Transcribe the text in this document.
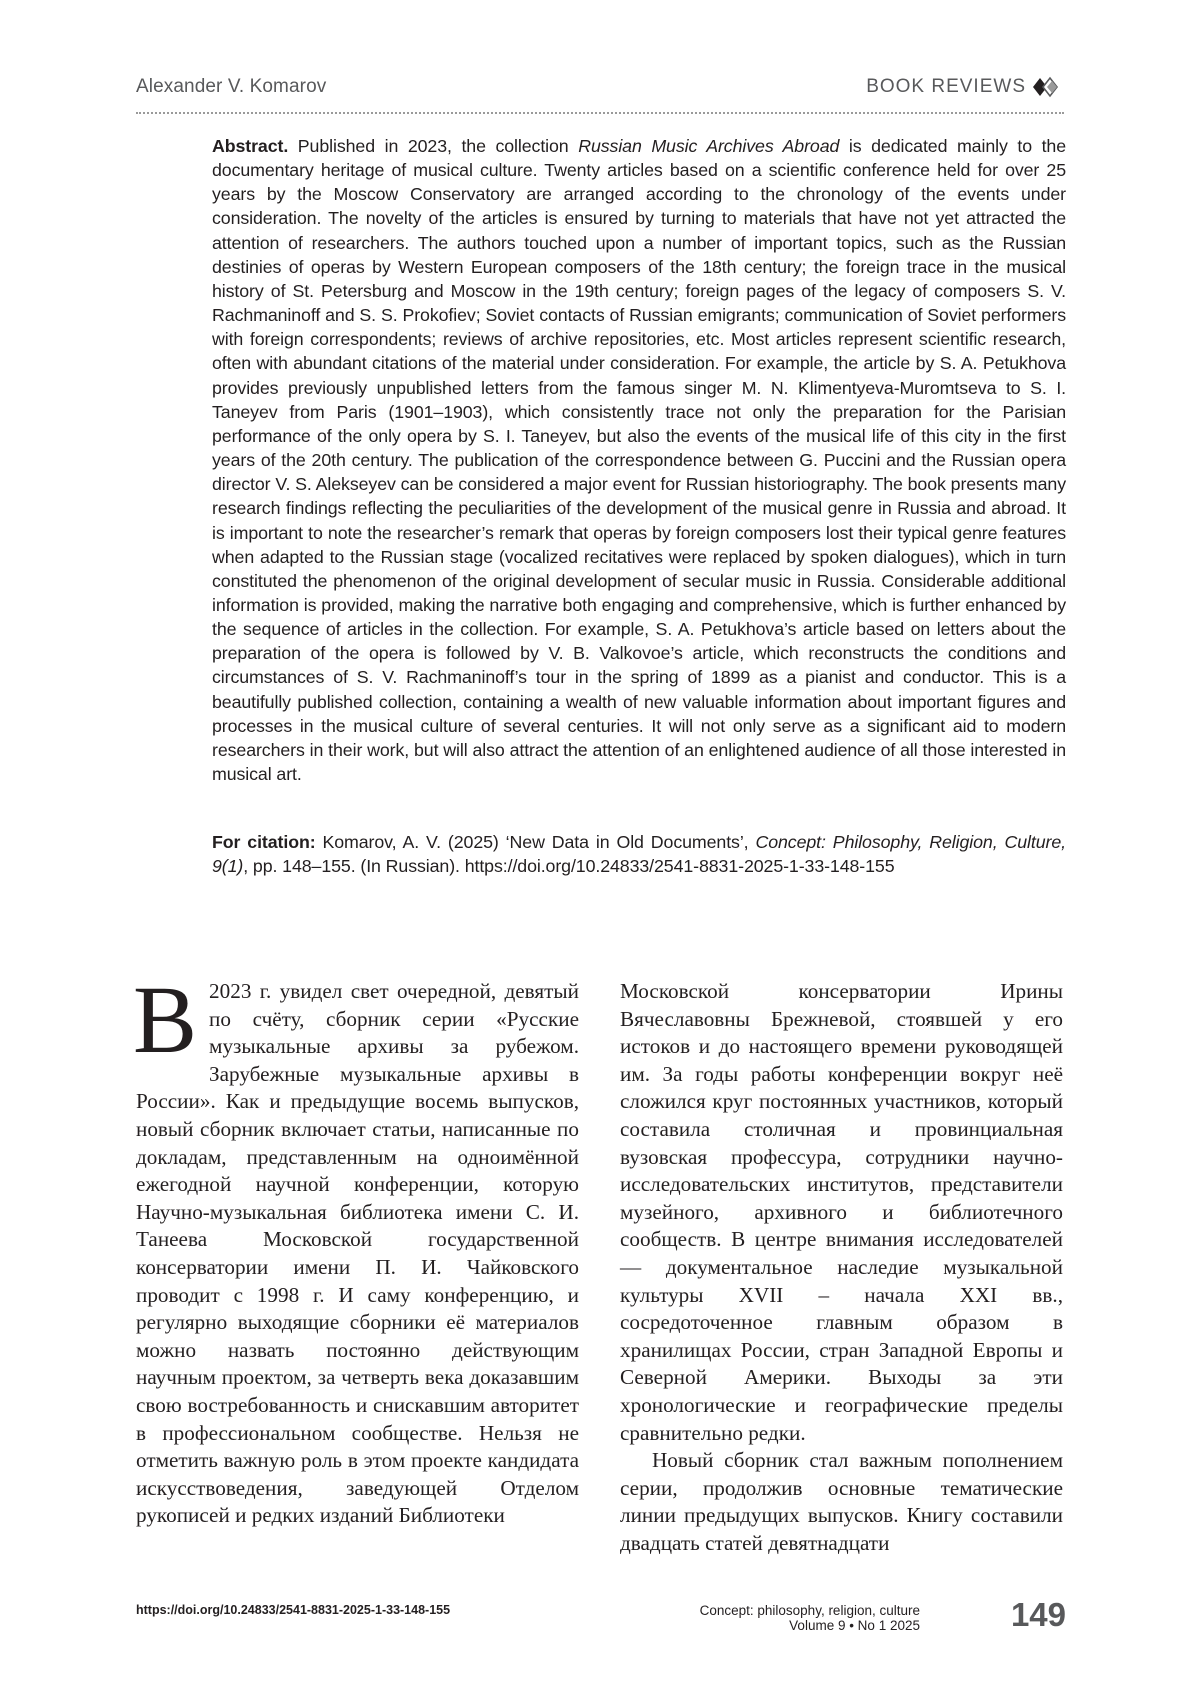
Alexander V. Komarov	BOOK REVIEWS
Abstract. Published in 2023, the collection Russian Music Archives Abroad is dedicated mainly to the documentary heritage of musical culture. Twenty articles based on a scientific conference held for over 25 years by the Moscow Conservatory are arranged according to the chronology of the events under consideration. The novelty of the articles is ensured by turning to materials that have not yet attracted the attention of researchers. The authors touched upon a number of important topics, such as the Russian destinies of operas by Western European composers of the 18th century; the foreign trace in the musical history of St. Petersburg and Moscow in the 19th century; foreign pages of the legacy of composers S. V. Rachmaninoff and S. S. Prokofiev; Soviet contacts of Russian emigrants; communication of Soviet performers with foreign correspondents; reviews of archive repositories, etc. Most articles represent scientific research, often with abundant citations of the material under consideration. For example, the article by S. A. Petukhova provides previously unpublished letters from the famous singer M. N. Klimentyeva-Muromtseva to S. I. Taneyev from Paris (1901–1903), which consistently trace not only the preparation for the Parisian performance of the only opera by S. I. Taneyev, but also the events of the musical life of this city in the first years of the 20th century. The publication of the correspondence between G. Puccini and the Russian opera director V. S. Alekseyev can be considered a major event for Russian historiography. The book presents many research findings reflecting the peculiarities of the development of the musical genre in Russia and abroad. It is important to note the researcher’s remark that operas by foreign composers lost their typical genre features when adapted to the Russian stage (vocalized recitatives were replaced by spoken dialogues), which in turn constituted the phenomenon of the original development of secular music in Russia. Considerable additional information is provided, making the narrative both engaging and comprehensive, which is further enhanced by the sequence of articles in the collection. For example, S. A. Petukhova’s article based on letters about the preparation of the opera is followed by V. B. Valkovoe’s article, which reconstructs the conditions and circumstances of S. V. Rachmaninoff’s tour in the spring of 1899 as a pianist and conductor. This is a beautifully published collection, containing a wealth of new valuable information about important figures and processes in the musical culture of several centuries. It will not only serve as a significant aid to modern researchers in their work, but will also attract the attention of an enlightened audience of all those interested in musical art.
For citation: Komarov, A. V. (2025) ‘New Data in Old Documents’, Concept: Philosophy, Religion, Culture, 9(1), pp. 148–155. (In Russian). https://doi.org/10.24833/2541-8831-2025-1-33-148-155

В 2023 г. увидел свет очередной, девятый по счёту, сборник серии «Русские музыкальные архивы за рубежом. Зарубежные музыкальные архивы в России». Как и предыдущие восемь выпусков, новый сборник включает статьи, написанные по докладам, представленным на одноимённой ежегодной научной конференции, которую Научно-музыкальная библиотека имени С. И. Танеева Московской государственной консерватории имени П. И. Чайковского проводит с 1998 г. И саму конференцию, и регулярно выходящие сборники её материалов можно назвать постоянно действующим научным проектом, за четверть века доказавшим свою востребованность и снискавшим авторитет в профессиональном сообществе. Нельзя не отметить важную роль в этом проекте кандидата искусствоведения, заведующей Отделом рукописей и редких изданий Библиотеки

Московской консерватории Ирины Вячеславовны Брежневой, стоявшей у его истоков и до настоящего времени руководящей им. За годы работы конференции вокруг неё сложился круг постоянных участников, который составила столичная и провинциальная вузовская профессура, сотрудники научно-исследовательских институтов, представители музейного, архивного и библиотечного сообществ. В центре внимания исследователей — документальное наследие музыкальной культуры XVII – начала XXI вв., сосредоточенное главным образом в хранилищах России, стран Западной Европы и Северной Америки. Выходы за эти хронологические и географические пределы сравнительно редки.

Новый сборник стал важным пополнением серии, продолжив основные тематические линии предыдущих выпусков. Книгу составили двадцать статей девятнадцати

https://doi.org/10.24833/2541-8831-2025-1-33-148-155	Concept: philosophy, religion, culture
Volume 9 • No 1 2025	149
